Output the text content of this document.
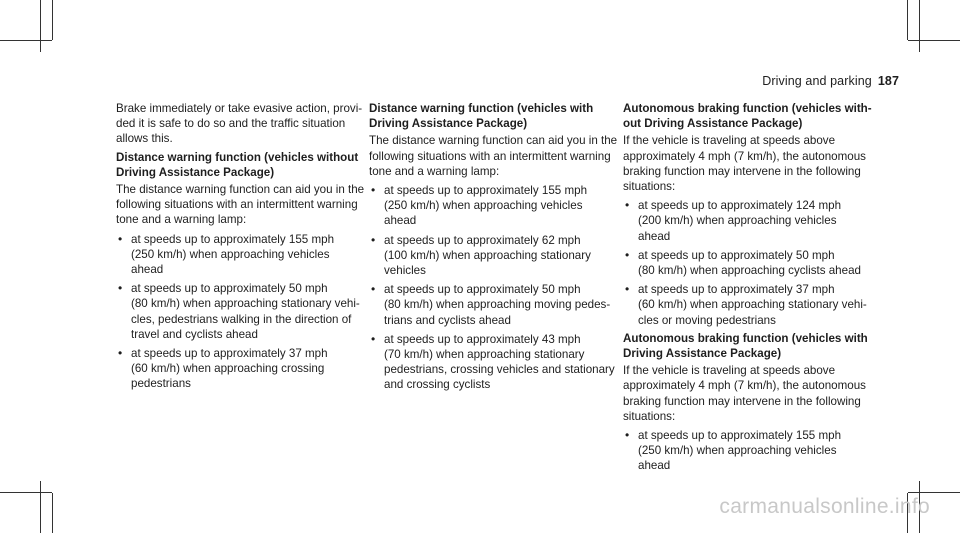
Driving and parking 187

Brake immediately or take evasive action, provi-
ded it is safe to do so and the traffic situation
allows this.

Distance warning function (vehicles without
Driving Assistance Package)

The distance warning function can aid you in the
following situations with an intermittent warning
tone and a warning lamp:

• at speeds up to approximately 155 mph
(250 km/h) when approaching vehicles
ahead
• at speeds up to approximately 50 mph
(80 km/h) when approaching stationary vehi-
cles, pedestrians walking in the direction of
travel and cyclists ahead
• at speeds up to approximately 37 mph
(60 km/h) when approaching crossing
pedestrians
Distance warning function (vehicles with
Driving Assistance Package)

The distance warning function can aid you in the
following situations with an intermittent warning
tone and a warning lamp:

• at speeds up to approximately 155 mph
(250 km/h) when approaching vehicles
ahead
• at speeds up to approximately 62 mph
(100 km/h) when approaching stationary
vehicles
• at speeds up to approximately 50 mph
(80 km/h) when approaching moving pedes-
trians and cyclists ahead
• at speeds up to approximately 43 mph
(70 km/h) when approaching stationary
pedestrians, crossing vehicles and stationary
and crossing cyclists
Autonomous braking function (vehicles with-
out Driving Assistance Package)

If the vehicle is traveling at speeds above
approximately 4 mph (7 km/h), the autonomous
braking function may intervene in the following
situations:

• at speeds up to approximately 124 mph
(200 km/h) when approaching vehicles
ahead
• at speeds up to approximately 50 mph
(80 km/h) when approaching cyclists ahead
• at speeds up to approximately 37 mph
(60 km/h) when approaching stationary vehi-
cles or moving pedestrians
Autonomous braking function (vehicles with
Driving Assistance Package)

If the vehicle is traveling at speeds above
approximately 4 mph (7 km/h), the autonomous
braking function may intervene in the following
situations:

• at speeds up to approximately 155 mph
(250 km/h) when approaching vehicles
ahead
carmanualsonline.info
